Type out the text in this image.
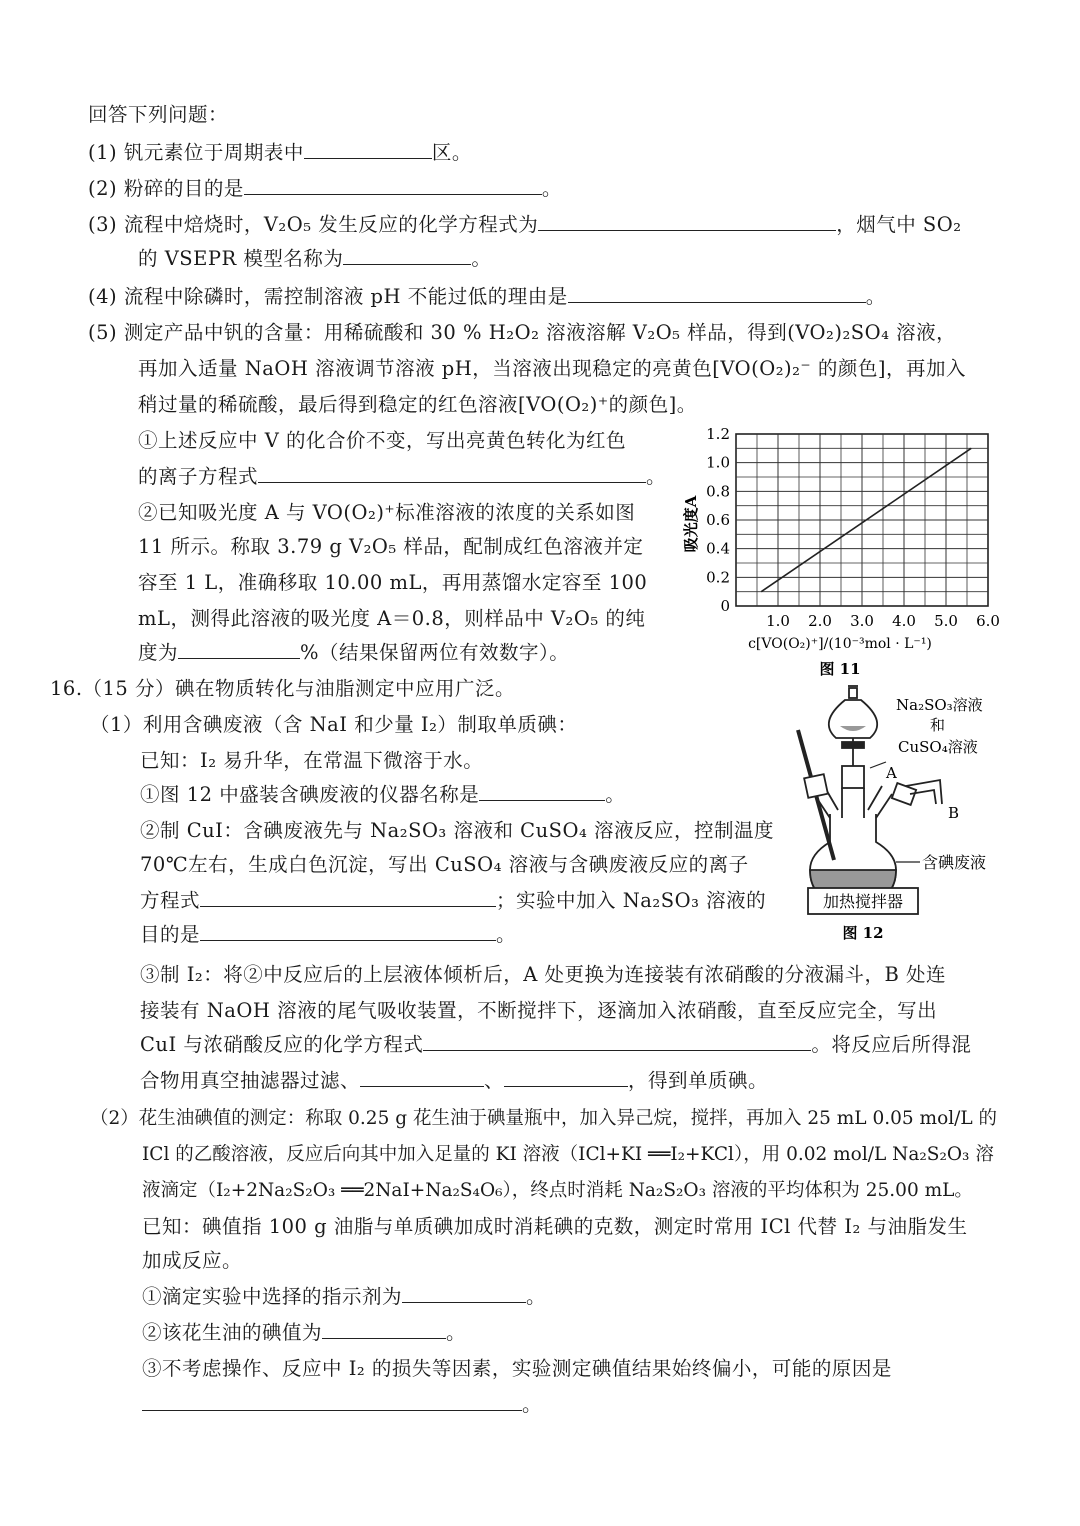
回答下列问题：
(1) 钒元素位于周期表中	区。
(2) 粉碎的目的是	。
(3) 流程中焙烧时，V₂O₅ 发生反应的化学方程式为	，烟气中 SO₂
的 VSEPR 模型名称为	。
(4) 流程中除磷时，需控制溶液 pH 不能过低的理由是	。
(5) 测定产品中钒的含量：用稀硫酸和 30 % H₂O₂ 溶液溶解 V₂O₅ 样品，得到(VO₂)₂SO₄ 溶液，
再加入适量 NaOH 溶液调节溶液 pH，当溶液出现稳定的亮黄色[VO(O₂)₂⁻ 的颜色]，再加入
稍过量的稀硫酸，最后得到稳定的红色溶液[VO(O₂)⁺的颜色]。
①上述反应中 V 的化合价不变，写出亮黄色转化为红色
的离子方程式	。
②已知吸光度 A 与 VO(O₂)⁺标准溶液的浓度的关系如图
11 所示。称取 3.79 g V₂O₅ 样品，配制成红色溶液并定
容至 1 L，准确移取 10.00 mL，再用蒸馏水定容至 100
mL，测得此溶液的吸光度 A＝0.8，则样品中 V₂O₅ 的纯
度为	%（结果保留两位有效数字）。
0
0.2
0.4
0.6
0.8
1.0
1.2
1.0 2.0 3.0 4.0 5.0 6.0
吸光度A
c[VO(O₂)⁺]/(10⁻³mol · L⁻¹)
图 11
16.（15 分）碘在物质转化与油脂测定中应用广泛。
（1）利用含碘废液（含 NaI 和少量 I₂）制取单质碘：
已知：I₂ 易升华，在常温下微溶于水。
①图 12 中盛装含碘废液的仪器名称是	。
②制 CuI：含碘废液先与 Na₂SO₃ 溶液和 CuSO₄ 溶液反应，控制温度
70℃左右，生成白色沉淀，写出 CuSO₄ 溶液与含碘废液反应的离子
方程式	；实验中加入 Na₂SO₃ 溶液的
目的是	。
③制 I₂：将②中反应后的上层液体倾析后，A 处更换为连接装有浓硝酸的分液漏斗，B 处连
接装有 NaOH 溶液的尾气吸收装置，不断搅拌下，逐滴加入浓硝酸，直至反应完全，写出
CuI 与浓硝酸反应的化学方程式	。将反应后所得混
合物用真空抽滤器过滤、	、	，得到单质碘。
（2）花生油碘值的测定：称取 0.25 g 花生油于碘量瓶中，加入异己烷，搅拌，再加入 25 mL 0.05 mol/L 的
ICl 的乙酸溶液，反应后向其中加入足量的 KI 溶液（ICl+KI ══I₂+KCl），用 0.02 mol/L Na₂S₂O₃ 溶
液滴定（I₂+2Na₂S₂O₃ ══2NaI+Na₂S₄O₆），终点时消耗 Na₂S₂O₃ 溶液的平均体积为 25.00 mL。
已知：碘值指 100 g 油脂与单质碘加成时消耗碘的克数，测定时常用 ICl 代替 I₂ 与油脂发生
加成反应。
①滴定实验中选择的指示剂为	。
②该花生油的碘值为	。
③不考虑操作、反应中 I₂ 的损失等因素，实验测定碘值结果始终偏小，可能的原因是
。
加热搅拌器
Na₂SO₃溶液
和
CuSO₄溶液
A
B
含碘废液
图 12
